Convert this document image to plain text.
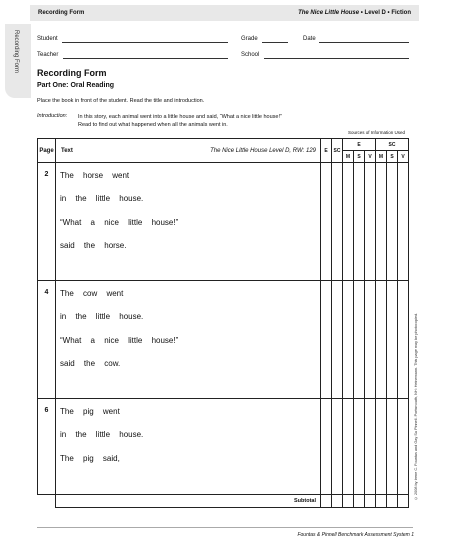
Recording Form	The Nice Little House • Level D • Fiction
Recording Form	Student	Grade	Date
Teacher	School
Recording Form
Part One: Oral Reading
Place the book in front of the student. Read the title and introduction.
Introduction: In this story, each animal went into a little house and said, “What a nice little house!”
Read to find out what happened when all the animals went in.
Sources of Information Used
Page	Text The Nice Little House Level D, RW: 129	E	SC	E			SC		
				M	S	V	M	S	V
2	The horse went
in the little house.
“What a nice little house!”
said the horse.								

4	The cow went
in the little house.
“What a nice little house!”
said the cow.								

6	The pig went
in the little house.
The pig said,								

	Subtotal								
© 2008 by Irene C. Fountas and Gay Su Pinnell. Portsmouth, NH: Heinemann. This page may be photocopied.
Fountas & Pinnell Benchmark Assessment System 1
